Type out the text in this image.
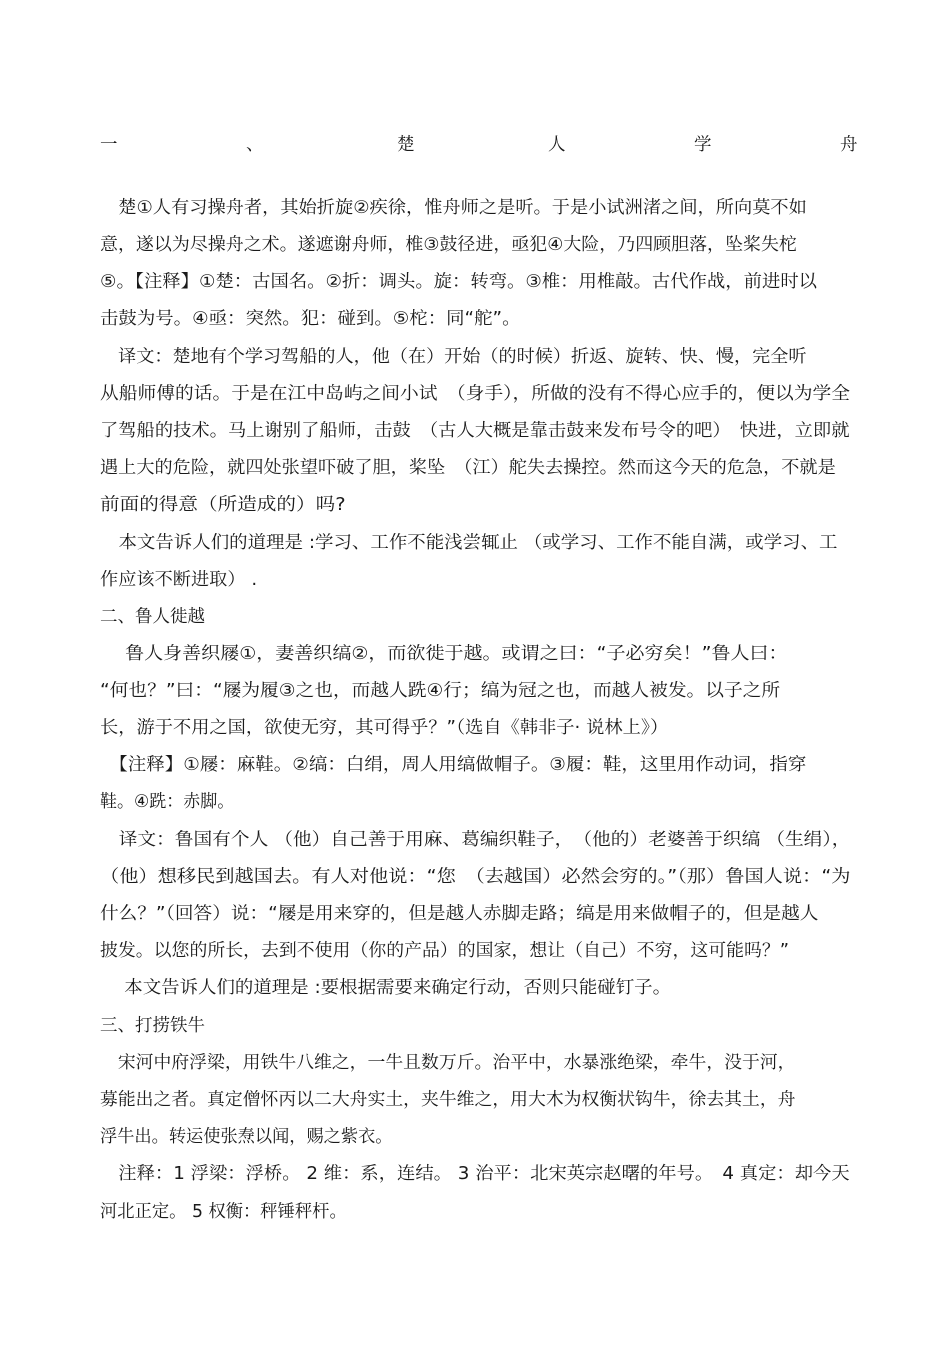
一	、	楚	人	学	舟
　楚①人有习操舟者，其始折旋②疾徐，惟舟师之是听。于是小试洲渚之间，所向莫不如
意，遂以为尽操舟之术。遂遮谢舟师，椎③鼓径进，亟犯④大险，乃四顾胆落，坠桨失柁
⑤。【注释】①楚：古国名。②折：调头。旋：转弯。③椎：用椎敲。古代作战，前进时以
击鼓为号。④亟：突然。犯：碰到。⑤柁：同“舵”。
　译文：楚地有个学习驾船的人，他（在）开始（的时候）折返、旋转、快、慢，完全听
从船师傅的话。于是在江中岛屿之间小试　（身手），所做的没有不得心应手的，便以为学全
了驾船的技术。马上谢别了船师，击鼓　（古人大概是靠击鼓来发布号令的吧）　快进，立即就
遇上大的危险，就四处张望吓破了胆，桨坠　（江）舵失去操控。然而这今天的危急，不就是
前面的得意（所造成的）吗?
　本文告诉人们的道理是 :学习、工作不能浅尝辄止 （或学习、工作不能自满，或学习、工
作应该不断进取） .
二、鲁人徙越
　 鲁人身善织屦①，妻善织缟②，而欲徙于越。或谓之曰：“子必穷矣！”鲁人曰：
“何也？”曰：“屦为履③之也，而越人跣④行；缟为冠之也，而越人被发。以子之所
长，游于不用之国，欲使无穷，其可得乎？”（选自《韩非子· 说林上》）
　【注释】①屦：麻鞋。②缟：白绢，周人用缟做帽子。③履：鞋，这里用作动词，指穿
鞋。④跣：赤脚。
　译文：鲁国有个人 （他）自己善于用麻、葛编织鞋子，　（他的）老婆善于织缟 （生绢），
（他）想移民到越国去。有人对他说：“您　（去越国）必然会穷的。”（那）鲁国人说：“为
什么？”（回答）说：“屦是用来穿的，但是越人赤脚走路；缟是用来做帽子的，但是越人
披发。以您的所长，去到不使用（你的产品）的国家，想让（自己）不穷，这可能吗？”
　 本文告诉人们的道理是 :要根据需要来确定行动，否则只能碰钉子。
三、打捞铁牛
　宋河中府浮梁，用铁牛八维之，一牛且数万斤。治平中，水暴涨绝梁，牵牛，没于河，
募能出之者。真定僧怀丙以二大舟实土，夹牛维之，用大木为权衡状钩牛，徐去其土，舟
浮牛出。转运使张焘以闻，赐之紫衣。
　注释：1 浮梁：浮桥。 2 维：系，连结。 3 治平：北宋英宗赵曙的年号。　4 真定：却今天
河北正定。 5 权衡：秤锤秤杆。
